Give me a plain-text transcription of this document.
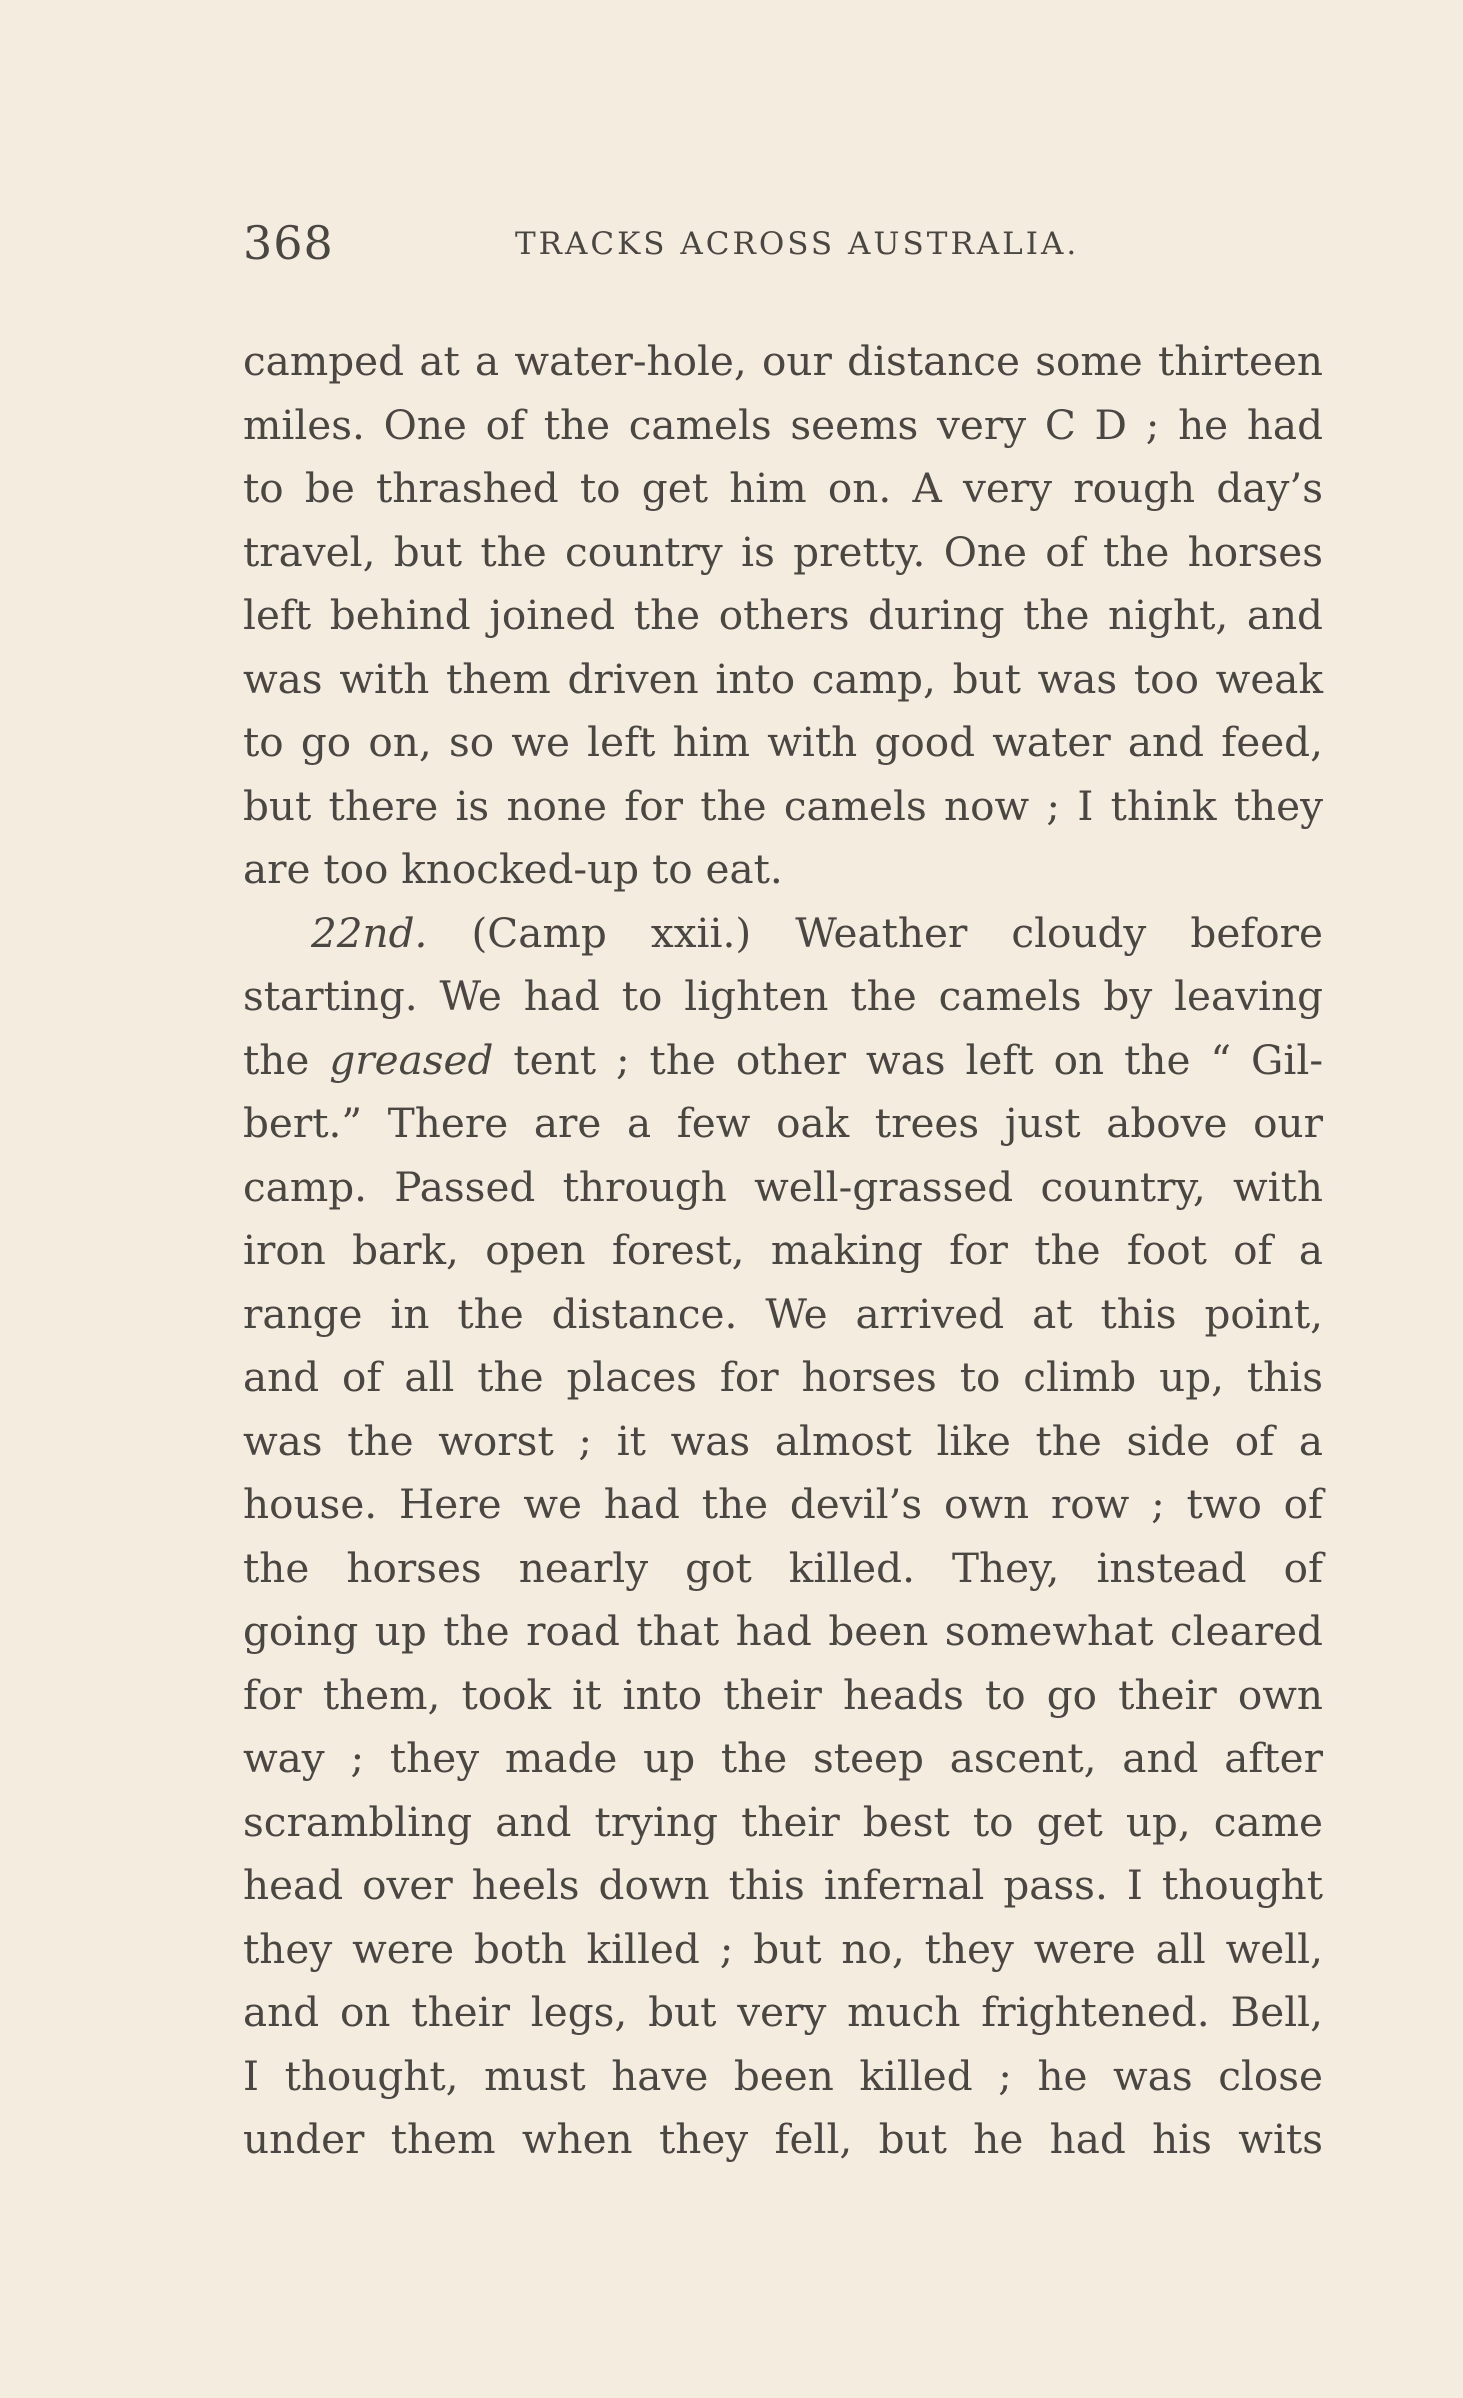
368	TRACKS ACROSS AUSTRALIA.
camped at a water-hole, our distance some thirteen
miles. One of the camels seems very C D ; he had
to be thrashed to get him on. A very rough day’s
travel, but the country is pretty. One of the horses
left behind joined the others during the night, and
was with them driven into camp, but was too weak
to go on, so we left him with good water and feed,
but there is none for the camels now ; I think they
are too knocked-up to eat.
22nd. (Camp xxii.) Weather cloudy before
starting. We had to lighten the camels by leaving
the greased tent ; the other was left on the “ Gil-
bert.” There are a few oak trees just above our
camp. Passed through well-grassed country, with
iron bark, open forest, making for the foot of a
range in the distance. We arrived at this point,
and of all the places for horses to climb up, this
was the worst ; it was almost like the side of a
house. Here we had the devil’s own row ; two of
the horses nearly got killed. They, instead of
going up the road that had been somewhat cleared
for them, took it into their heads to go their own
way ; they made up the steep ascent, and after
scrambling and trying their best to get up, came
head over heels down this infernal pass. I thought
they were both killed ; but no, they were all well,
and on their legs, but very much frightened. Bell,
I thought, must have been killed ; he was close
under them when they fell, but he had his wits
